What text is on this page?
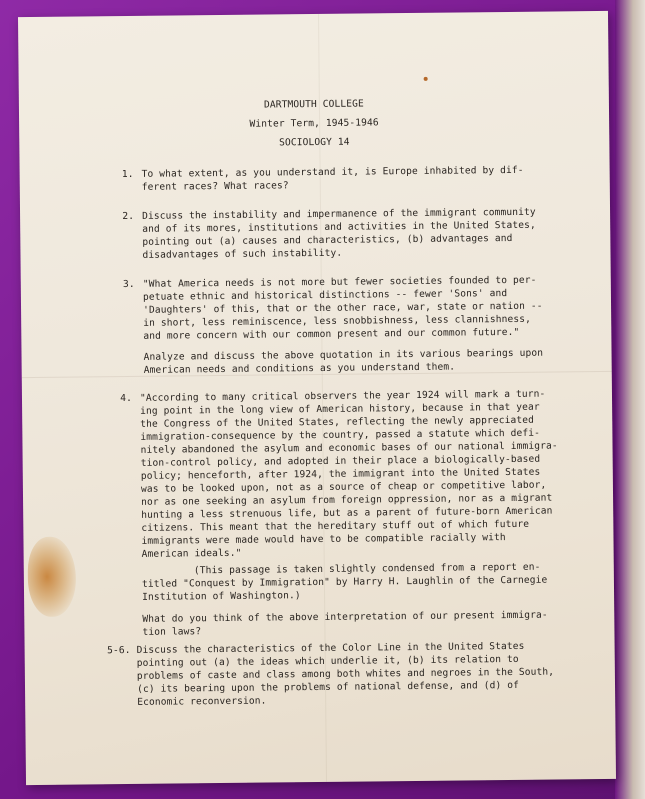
DARTMOUTH COLLEGE
Winter Term, 1945-1946
SOCIOLOGY 14
1. To what extent, as you understand it, is Europe inhabited by dif-
ferent races? What races?
2. Discuss the instability and impermanence of the immigrant community
and of its mores, institutions and activities in the United States,
pointing out (a) causes and characteristics, (b) advantages and
disadvantages of such instability.
3. "What America needs is not more but fewer societies founded to per-
petuate ethnic and historical distinctions -- fewer 'Sons' and
'Daughters' of this, that or the other race, war, state or nation --
in short, less reminiscence, less snobbishness, less clannishness,
and more concern with our common present and our common future."
Analyze and discuss the above quotation in its various bearings upon
American needs and conditions as you understand them.
4. "According to many critical observers the year 1924 will mark a turn-
ing point in the long view of American history, because in that year
the Congress of the United States, reflecting the newly appreciated
immigration-consequence by the country, passed a statute which defi-
nitely abandoned the asylum and economic bases of our national immigra-
tion-control policy, and adopted in their place a biologically-based
policy; henceforth, after 1924, the immigrant into the United States
was to be looked upon, not as a source of cheap or competitive labor,
nor as one seeking an asylum from foreign oppression, nor as a migrant
hunting a less strenuous life, but as a parent of future-born American
citizens. This meant that the hereditary stuff out of which future
immigrants were made would have to be compatible racially with
American ideals."
(This passage is taken slightly condensed from a report en-
titled "Conquest by Immigration" by Harry H. Laughlin of the Carnegie
Institution of Washington.)
What do you think of the above interpretation of our present immigra-
tion laws?
5-6. Discuss the characteristics of the Color Line in the United States
pointing out (a) the ideas which underlie it, (b) its relation to
problems of caste and class among both whites and negroes in the South,
(c) its bearing upon the problems of national defense, and (d) of
Economic reconversion.
